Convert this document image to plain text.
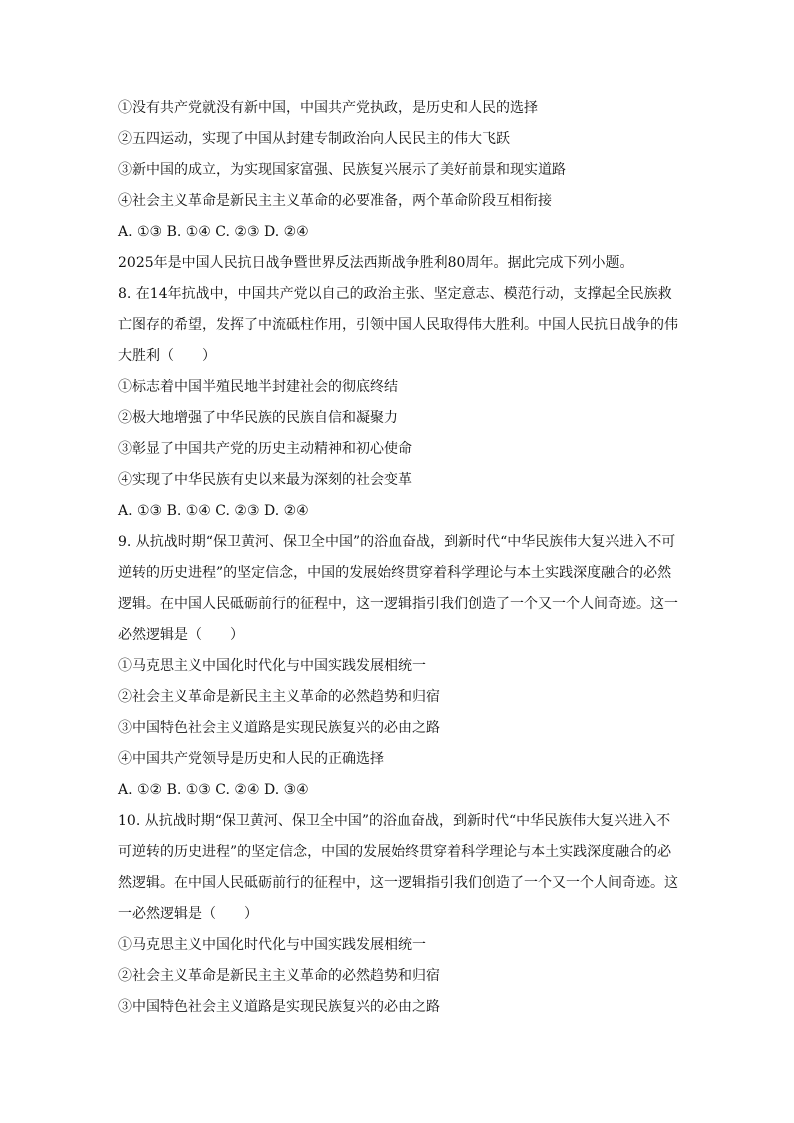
①没有共产党就没有新中国，中国共产党执政，是历史和人民的选择
②五四运动，实现了中国从封建专制政治向人民民主的伟大飞跃
③新中国的成立，为实现国家富强、民族复兴展示了美好前景和现实道路
④社会主义革命是新民主主义革命的必要准备，两个革命阶段互相衔接
A. ①③ B. ①④ C. ②③ D. ②④
2025年是中国人民抗日战争暨世界反法西斯战争胜利80周年。据此完成下列小题。
8. 在14年抗战中，中国共产党以自己的政治主张、坚定意志、模范行动，支撑起全民族救
亡图存的希望，发挥了中流砥柱作用，引领中国人民取得伟大胜利。中国人民抗日战争的伟
大胜利（　　）
①标志着中国半殖民地半封建社会的彻底终结
②极大地增强了中华民族的民族自信和凝聚力
③彰显了中国共产党的历史主动精神和初心使命
④实现了中华民族有史以来最为深刻的社会变革
A. ①③ B. ①④ C. ②③ D. ②④
9. 从抗战时期“保卫黄河、保卫全中国”的浴血奋战，到新时代“中华民族伟大复兴进入不可
逆转的历史进程”的坚定信念，中国的发展始终贯穿着科学理论与本土实践深度融合的必然
逻辑。在中国人民砥砺前行的征程中，这一逻辑指引我们创造了一个又一个人间奇迹。这一
必然逻辑是（　　）
①马克思主义中国化时代化与中国实践发展相统一
②社会主义革命是新民主主义革命的必然趋势和归宿
③中国特色社会主义道路是实现民族复兴的必由之路
④中国共产党领导是历史和人民的正确选择
A. ①② B. ①③ C. ②④ D. ③④
10. 从抗战时期“保卫黄河、保卫全中国”的浴血奋战，到新时代“中华民族伟大复兴进入不
可逆转的历史进程”的坚定信念，中国的发展始终贯穿着科学理论与本土实践深度融合的必
然逻辑。在中国人民砥砺前行的征程中，这一逻辑指引我们创造了一个又一个人间奇迹。这
一必然逻辑是（　　）
①马克思主义中国化时代化与中国实践发展相统一
②社会主义革命是新民主主义革命的必然趋势和归宿
③中国特色社会主义道路是实现民族复兴的必由之路
